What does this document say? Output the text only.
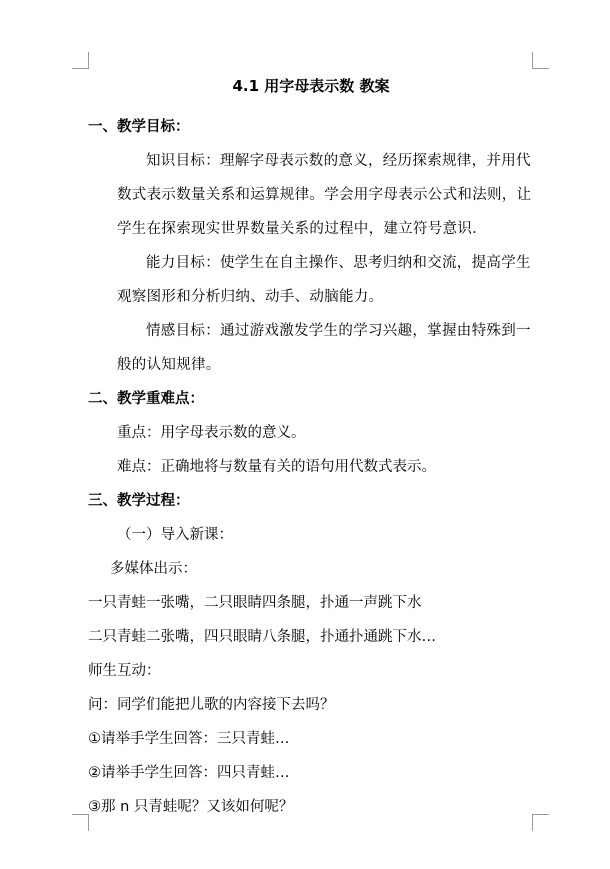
4.1 用字母表示数 教案
一、教学目标：
知识目标：理解字母表示数的意义，经历探索规律，并用代数式表示数量关系和运算规律。学会用字母表示公式和法则，让学生在探索现实世界数量关系的过程中，建立符号意识．
能力目标：使学生在自主操作、思考归纳和交流，提高学生观察图形和分析归纳、动手、动脑能力。
情感目标：通过游戏激发学生的学习兴趣，掌握由特殊到一般的认知规律。
二、教学重难点：
重点：用字母表示数的意义。
难点：正确地将与数量有关的语句用代数式表示。
三、教学过程：
（一）导入新课：
多媒体出示：
一只青蛙一张嘴，二只眼睛四条腿，扑通一声跳下水
二只青蛙二张嘴，四只眼睛八条腿，扑通扑通跳下水…
师生互动：
问：同学们能把儿歌的内容接下去吗？
①请举手学生回答：三只青蛙…
②请举手学生回答：四只青蛙…
③那 n 只青蛙呢？又该如何呢？
